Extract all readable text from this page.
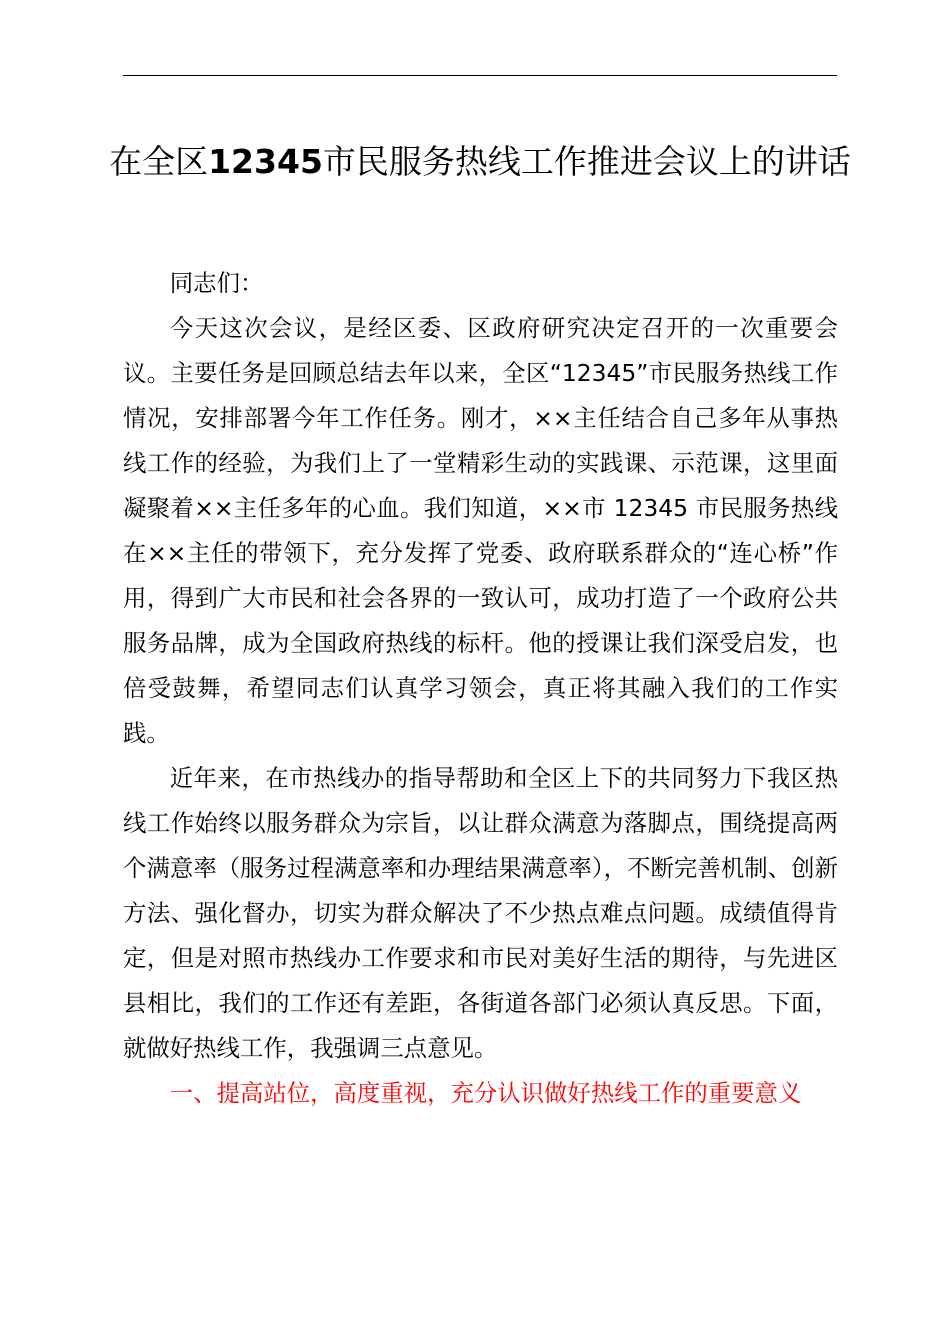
在全区12345市民服务热线工作推进会议上的讲话

同志们：

今天这次会议，是经区委、区政府研究决定召开的一次重要会议。主要任务是回顾总结去年以来，全区“12345”市民服务热线工作情况，安排部署今年工作任务。刚才，××主任结合自己多年从事热线工作的经验，为我们上了一堂精彩生动的实践课、示范课，这里面凝聚着××主任多年的心血。我们知道，××市 12345 市民服务热线在××主任的带领下，充分发挥了党委、政府联系群众的“连心桥”作用，得到广大市民和社会各界的一致认可，成功打造了一个政府公共服务品牌，成为全国政府热线的标杆。他的授课让我们深受启发，也倍受鼓舞，希望同志们认真学习领会，真正将其融入我们的工作实践。

近年来，在市热线办的指导帮助和全区上下的共同努力下我区热线工作始终以服务群众为宗旨，以让群众满意为落脚点，围绕提高两个满意率（服务过程满意率和办理结果满意率），不断完善机制、创新方法、强化督办，切实为群众解决了不少热点难点问题。成绩值得肯定，但是对照市热线办工作要求和市民对美好生活的期待，与先进区县相比，我们的工作还有差距，各街道各部门必须认真反思。下面，就做好热线工作，我强调三点意见。

一、提高站位，高度重视，充分认识做好热线工作的重要意义
